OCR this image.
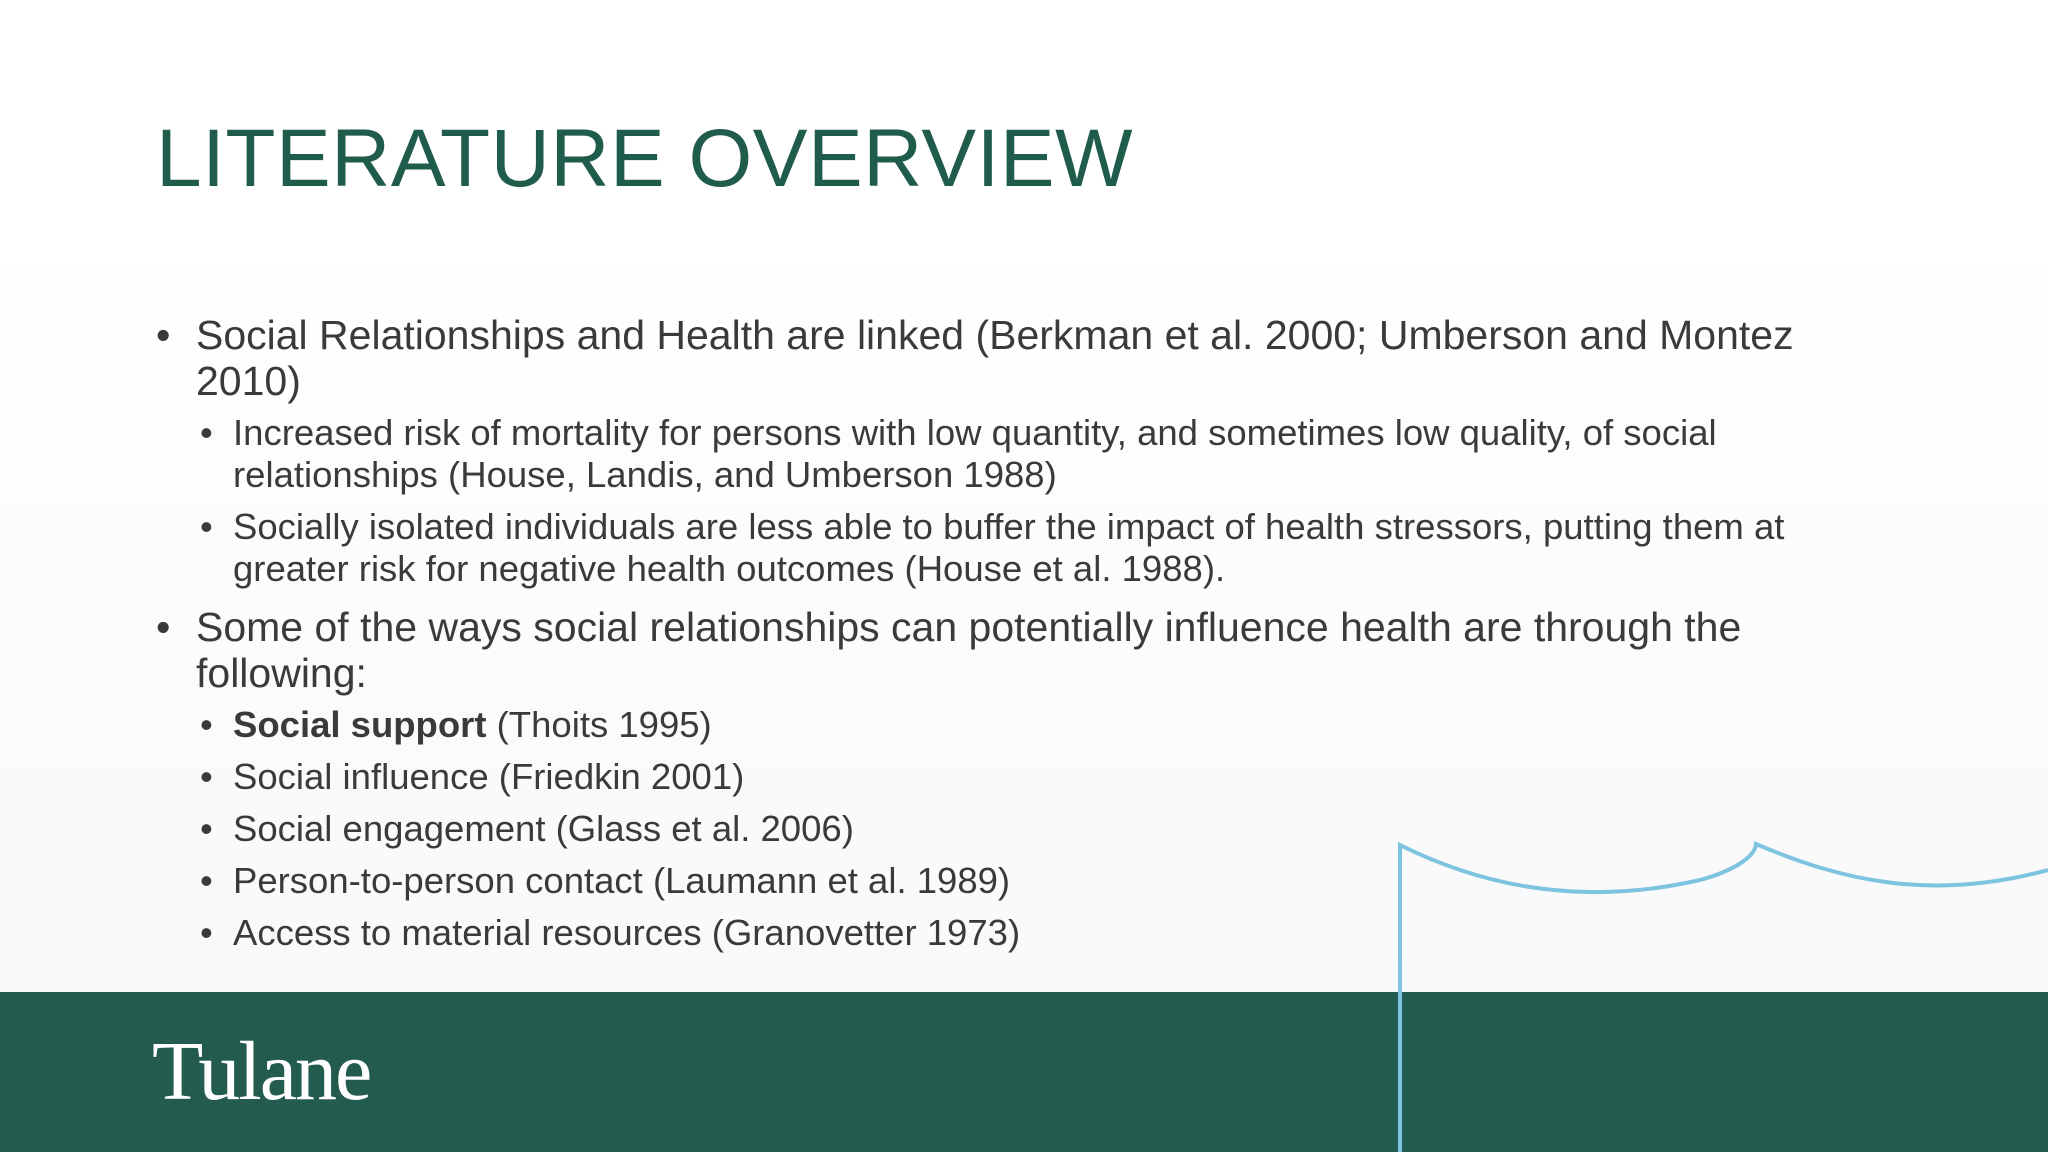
LITERATURE OVERVIEW
• Social Relationships and Health are linked (Berkman et al. 2000; Umberson and Montez 2010)
• Increased risk of mortality for persons with low quantity, and sometimes low quality, of social relationships (House, Landis, and Umberson 1988)
• Socially isolated individuals are less able to buffer the impact of health stressors, putting them at greater risk for negative health outcomes (House et al. 1988).
• Some of the ways social relationships can potentially influence health are through the following:
• Social support (Thoits 1995)
• Social influence (Friedkin 2001)
• Social engagement (Glass et al. 2006)
• Person-to-person contact (Laumann et al. 1989)
• Access to material resources (Granovetter 1973)
Tulane
